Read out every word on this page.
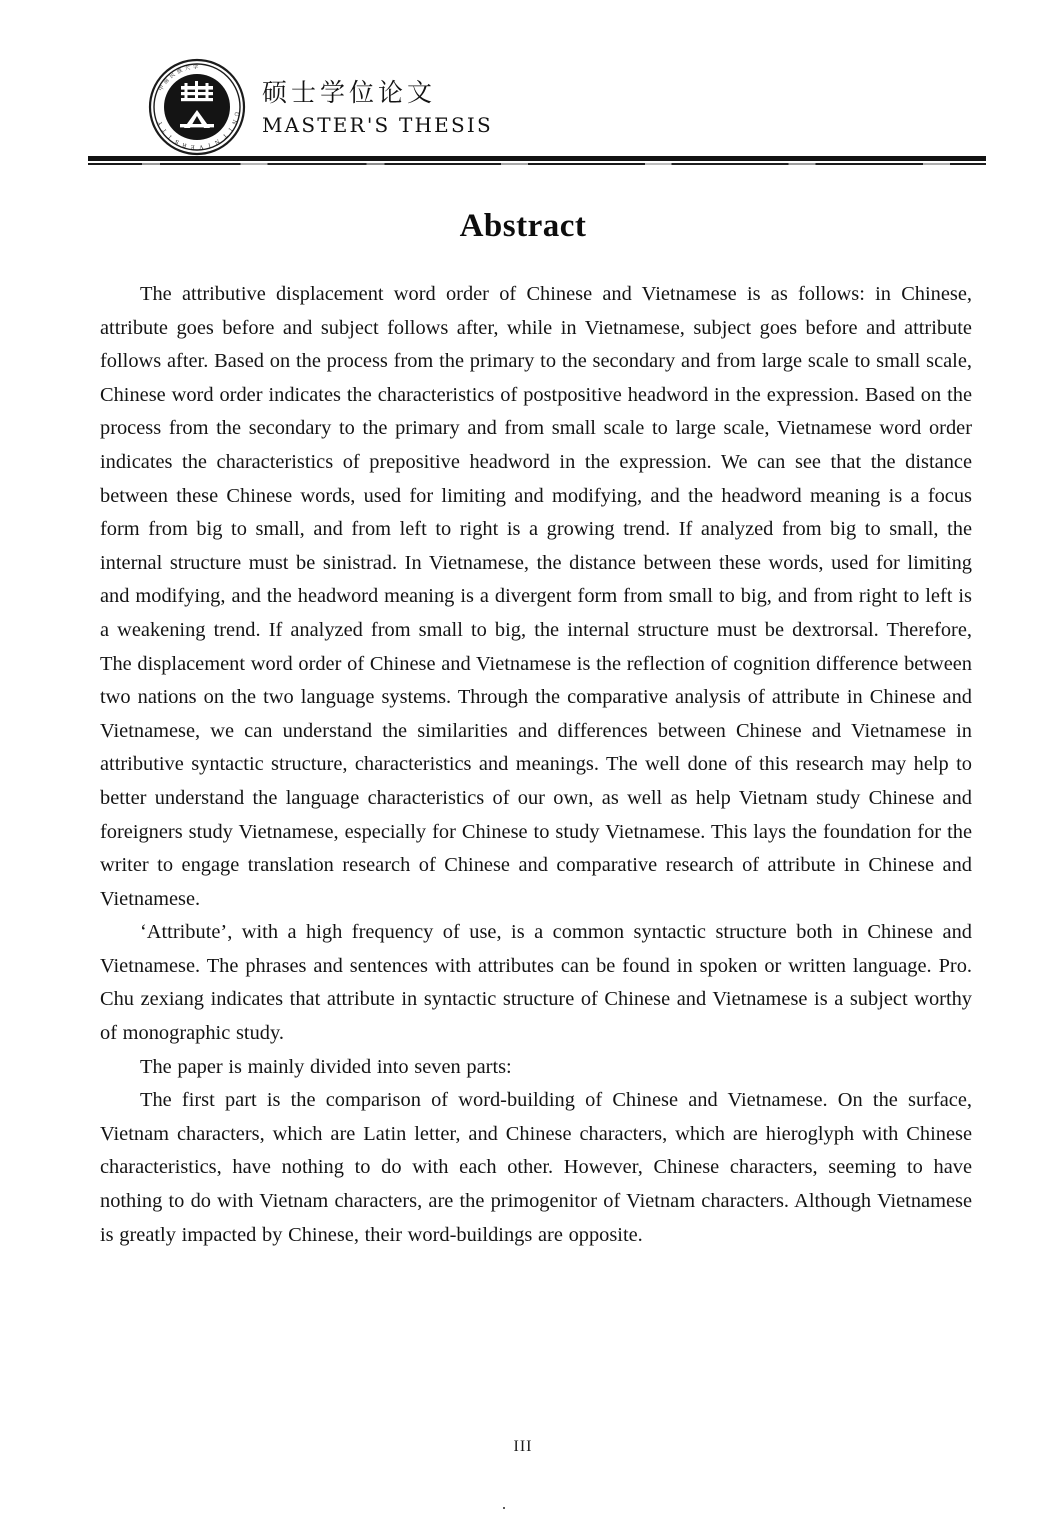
中
南
民
族 大 学
N
I
V
E
R
S
U
N
I
T
I
T
Y
硕士学位论文
MASTER'S THESIS
Abstract

The attributive displacement word order of Chinese and Vietnamese is as follows: in Chinese, attribute goes before and subject follows after, while in Vietnamese, subject goes before and attribute follows after. Based on the process from the primary to the secondary and from large scale to small scale, Chinese word order indicates the characteristics of postpositive headword in the expression. Based on the process from the secondary to the primary and from small scale to large scale, Vietnamese word order indicates the characteristics of prepositive headword in the expression. We can see that the distance between these Chinese words, used for limiting and modifying, and the headword meaning is a focus form from big to small, and from left to right is a growing trend. If analyzed from big to small, the internal structure must be sinistrad. In Vietnamese, the distance between these words, used for limiting and modifying, and the headword meaning is a divergent form from small to big, and from right to left is a weakening trend. If analyzed from small to big, the internal structure must be dextrorsal. Therefore, The displacement word order of Chinese and Vietnamese is the reflection of cognition difference between two nations on the two language systems. Through the comparative analysis of attribute in Chinese and Vietnamese, we can understand the similarities and differences between Chinese and Vietnamese in attributive syntactic structure, characteristics and meanings. The well done of this research may help to better understand the language characteristics of our own, as well as help Vietnam study Chinese and foreigners study Vietnamese, especially for Chinese to study Vietnamese. This lays the foundation for the writer to engage translation research of Chinese and comparative research of attribute in Chinese and Vietnamese.

‘Attribute’, with a high frequency of use, is a common syntactic structure both in Chinese and Vietnamese. The phrases and sentences with attributes can be found in spoken or written language. Pro. Chu zexiang indicates that attribute in syntactic structure of Chinese and Vietnamese is a subject worthy of monographic study.

The paper is mainly divided into seven parts:

The first part is the comparison of word-building of Chinese and Vietnamese. On the surface, Vietnam characters, which are Latin letter, and Chinese characters, which are hieroglyph with Chinese characteristics, have nothing to do with each other. However, Chinese characters, seeming to have nothing to do with Vietnam characters, are the primogenitor of Vietnam characters. Although Vietnamese is greatly impacted by Chinese, their word-buildings are opposite.

III
